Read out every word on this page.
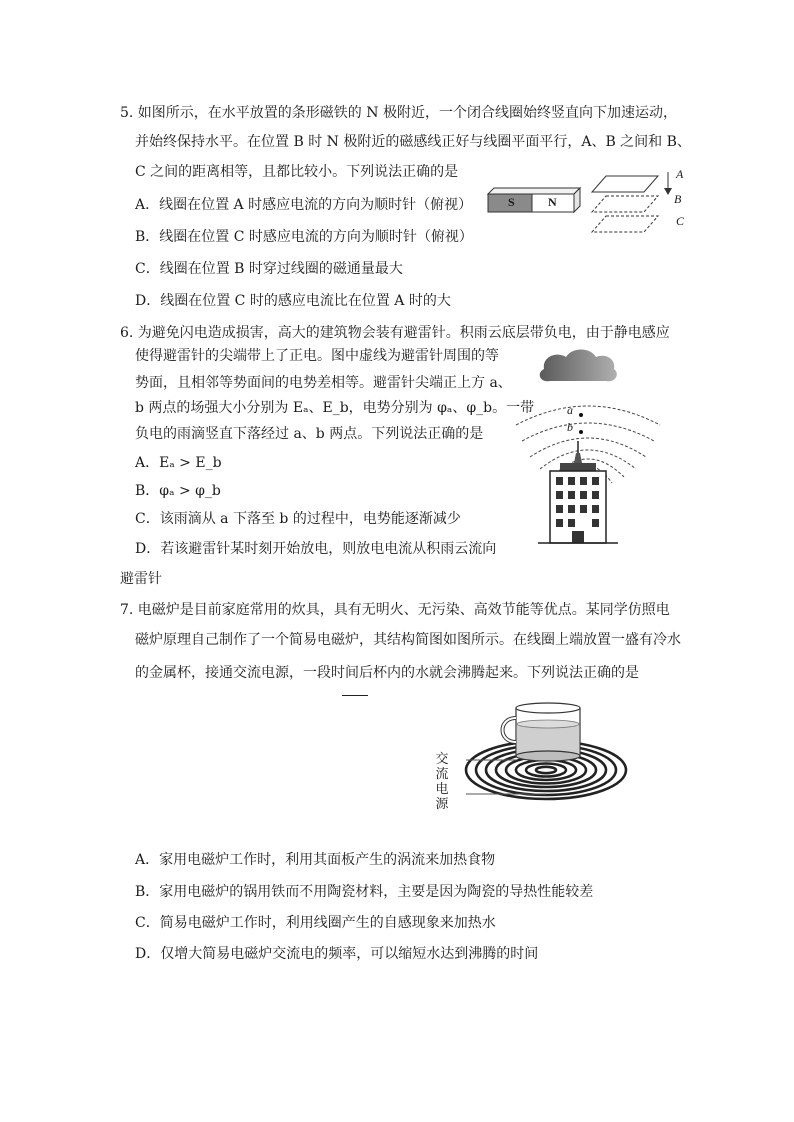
5. 如图所示，在水平放置的条形磁铁的 N 极附近，一个闭合线圈始终竖直向下加速运动，
并始终保持水平。在位置 B 时 N 极附近的磁感线正好与线圈平面平行，A、B 之间和 B、
C 之间的距离相等，且都比较小。下列说法正确的是
A．线圈在位置 A 时感应电流的方向为顺时针（俯视）
B．线圈在位置 C 时感应电流的方向为顺时针（俯视）
C．线圈在位置 B 时穿过线圈的磁通量最大
D．线圈在位置 C 时的感应电流比在位置 A 时的大
S	N
A
B
C
6. 为避免闪电造成损害，高大的建筑物会装有避雷针。积雨云底层带负电，由于静电感应
使得避雷针的尖端带上了正电。图中虚线为避雷针周围的等
势面，且相邻等势面间的电势差相等。避雷针尖端正上方 a、
b 两点的场强大小分别为 Eₐ、E_b，电势分别为 φₐ、φ_b。一带
负电的雨滴竖直下落经过 a、b 两点。下列说法正确的是
A．Eₐ > E_b
B．φₐ > φ_b
C．该雨滴从 a 下落至 b 的过程中，电势能逐渐减少
D．若该避雷针某时刻开始放电，则放电电流从积雨云流向
避雷针
a
b
7. 电磁炉是目前家庭常用的炊具，具有无明火、无污染、高效节能等优点。某同学仿照电
磁炉原理自己制作了一个简易电磁炉，其结构简图如图所示。在线圈上端放置一盛有冷水
的金属杯，接通交流电源，一段时间后杯内的水就会沸腾起来。下列说法正确的是
交
流
电
源
A．家用电磁炉工作时，利用其面板产生的涡流来加热食物
B．家用电磁炉的锅用铁而不用陶瓷材料，主要是因为陶瓷的导热性能较差
C．简易电磁炉工作时，利用线圈产生的自感现象来加热水
D．仅增大简易电磁炉交流电的频率，可以缩短水达到沸腾的时间
